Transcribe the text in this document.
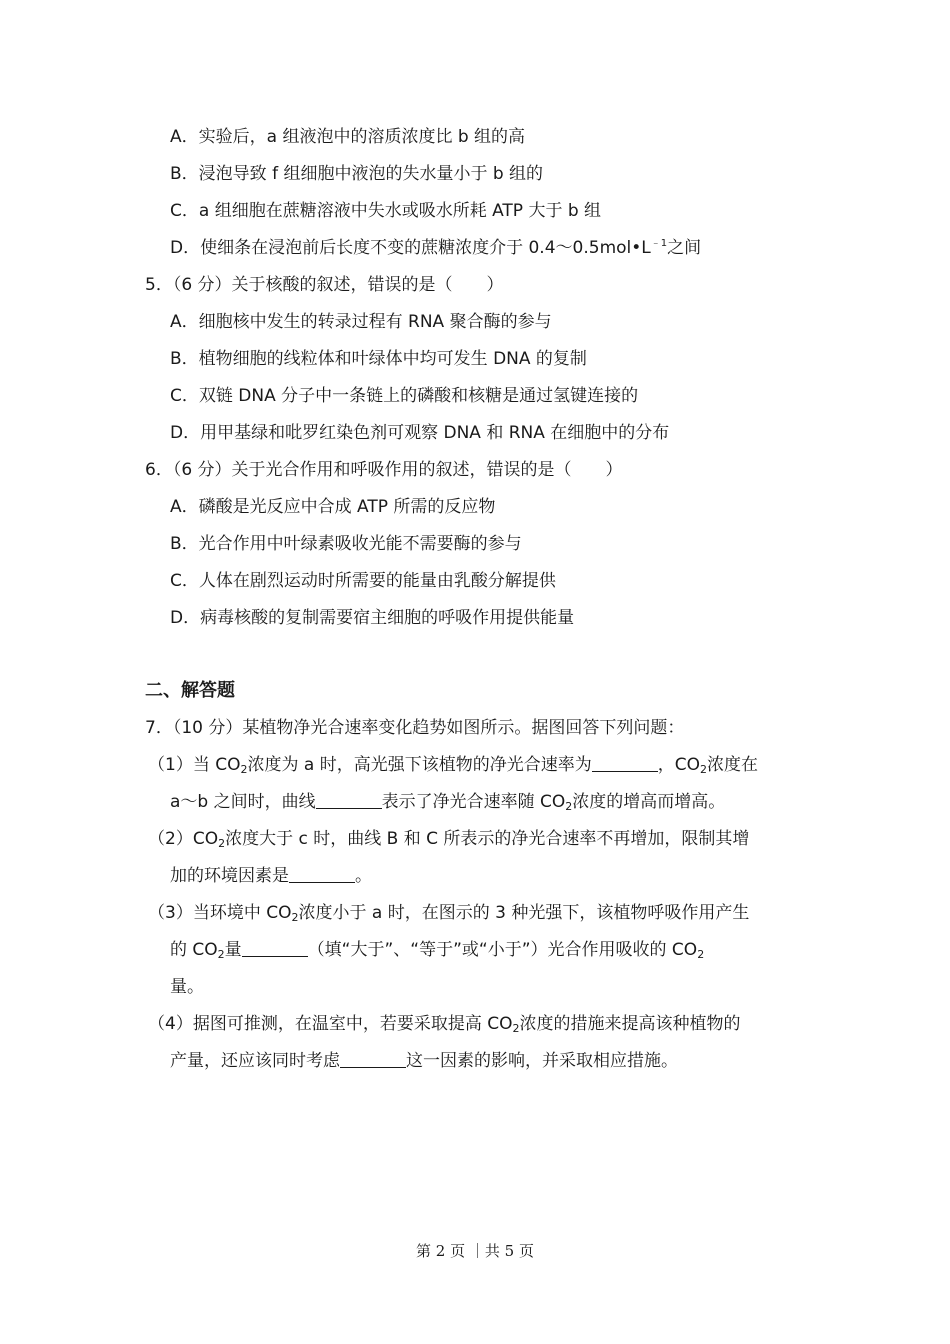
A．实验后，a 组液泡中的溶质浓度比 b 组的高
B．浸泡导致 f 组细胞中液泡的失水量小于 b 组的
C．a 组细胞在蔗糖溶液中失水或吸水所耗 ATP 大于 b 组
D．使细条在浸泡前后长度不变的蔗糖浓度介于 $0.4\sim 0.5mol•L^{﹣1}$之间
5．（6 分）关于核酸的叙述，错误的是（　　）
A．细胞核中发生的转录过程有 RNA 聚合酶的参与
B．植物细胞的线粒体和叶绿体中均可发生 DNA 的复制
C．双链 DNA 分子中一条链上的磷酸和核糖是通过氢键连接的
D．用甲基绿和吡罗红染色剂可观察 DNA 和 RNA 在细胞中的分布
6．（6 分）关于光合作用和呼吸作用的叙述，错误的是（　　）
A．磷酸是光反应中合成 ATP 所需的反应物
B．光合作用中叶绿素吸收光能不需要酶的参与
C．人体在剧烈运动时所需要的能量由乳酸分解提供
D．病毒核酸的复制需要宿主细胞的呼吸作用提供能量
二、解答题
7．（10 分）某植物净光合速率变化趋势如图所示。据图回答下列问题：
（1）当 $CO_2$浓度为 a 时，高光强下该植物的净光合速率为	，$CO_2$浓度在
a～b 之间时，曲线	表示了净光合速率随 $CO_2$浓度的增高而增高。
$(2)CO_2$浓度大于 c 时，曲线 B 和 C 所表示的净光合速率不再增加，限制其增
加的环境因素是	。
（3）当环境中 $CO_2$浓度小于 a 时，在图示的 3 种光强下，该植物呼吸作用产生
的 $CO_2$量	（填“大于”、“等于”或“小于”）光合作用吸收的 $CO_2$
量。
（4）据图可推测，在温室中，若要采取提高 $CO_2$浓度的措施来提高该种植物的
产量，还应该同时考虑	这一因素的影响，并采取相应措施。
第 2 页 ｜共 5 页
